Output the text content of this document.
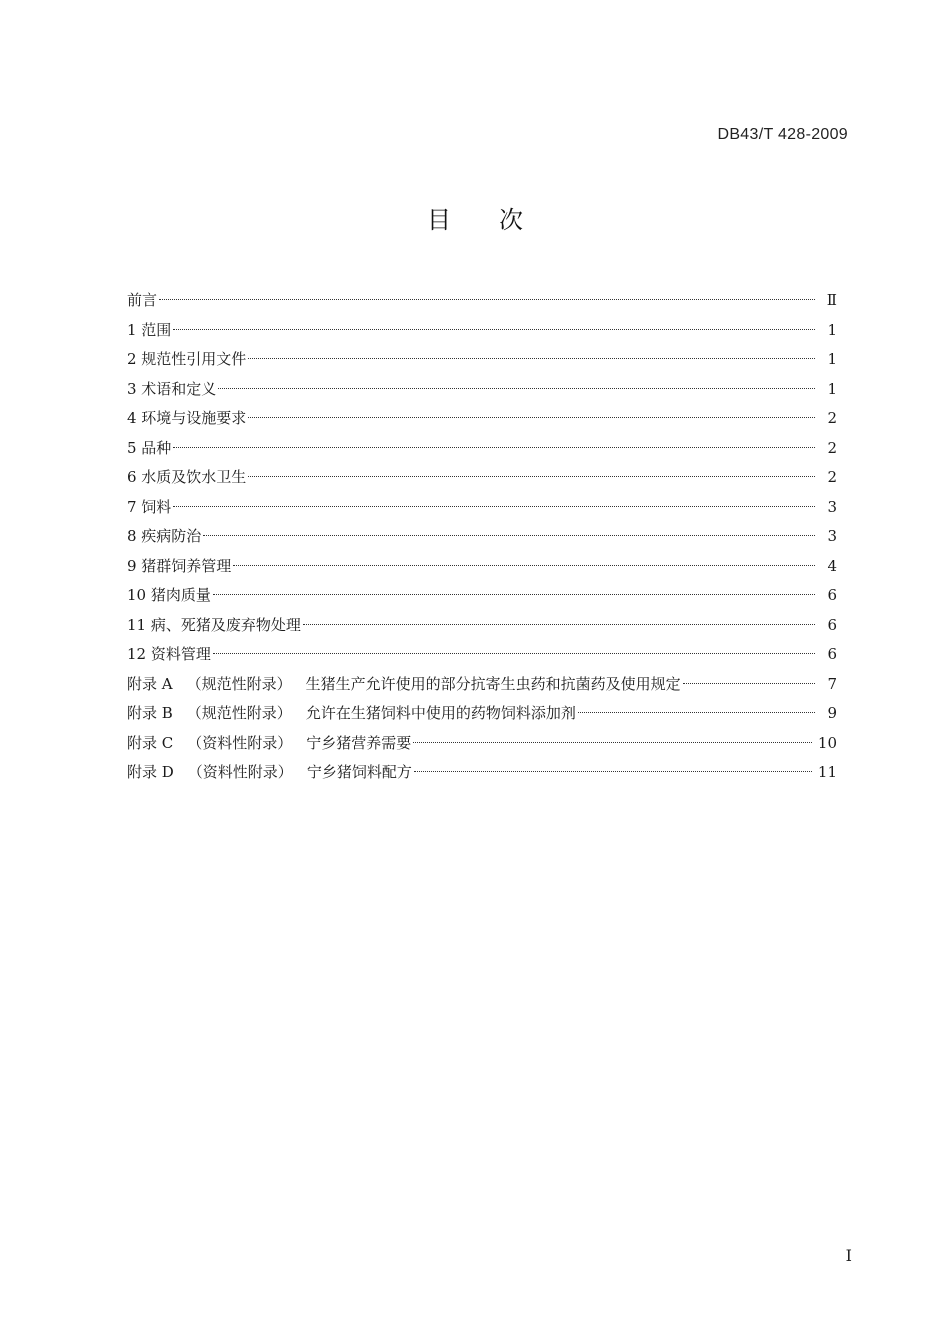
DB43/T 428-2009
目次
前言	Ⅱ
1 范围	1
2 规范性引用文件	1
3 术语和定义	1
4 环境与设施要求	2
5 品种	2
6 水质及饮水卫生	2
7 饲料	3
8 疾病防治	3
9 猪群饲养管理	4
10 猪肉质量	6
11 病、死猪及废弃物处理	6
12 资料管理	6
附录 A （规范性附录） 生猪生产允许使用的部分抗寄生虫药和抗菌药及使用规定	7
附录 B （规范性附录） 允许在生猪饲料中使用的药物饲料添加剂	9
附录 C （资料性附录） 宁乡猪营养需要	10
附录 D （资料性附录） 宁乡猪饲料配方	11
I
